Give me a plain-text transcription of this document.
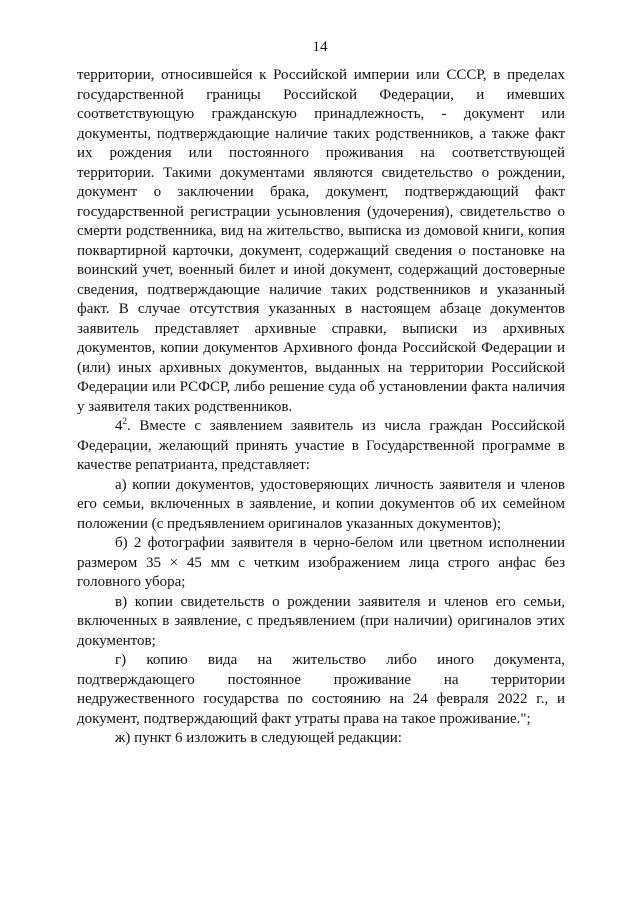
14

территории, относившейся к Российской империи или СССР, в пределах государственной границы Российской Федерации, и имевших соответствующую гражданскую принадлежность, - документ или документы, подтверждающие наличие таких родственников, а также факт их рождения или постоянного проживания на соответствующей территории. Такими документами являются свидетельство о рождении, документ о заключении брака, документ, подтверждающий факт государственной регистрации усыновления (удочерения), свидетельство о смерти родственника, вид на жительство, выписка из домовой книги, копия поквартирной карточки, документ, содержащий сведения о постановке на воинский учет, военный билет и иной документ, содержащий достоверные сведения, подтверждающие наличие таких родственников и указанный факт. В случае отсутствия указанных в настоящем абзаце документов заявитель представляет архивные справки, выписки из архивных документов, копии документов Архивного фонда Российской Федерации и (или) иных архивных документов, выданных на территории Российской Федерации или РСФСР, либо решение суда об установлении факта наличия у заявителя таких родственников.

$4^2$. Вместе с заявлением заявитель из числа граждан Российской Федерации, желающий принять участие в Государственной программе в качестве репатрианта, представляет:

а) копии документов, удостоверяющих личность заявителя и членов его семьи, включенных в заявление, и копии документов об их семейном положении (с предъявлением оригиналов указанных документов);

б) 2 фотографии заявителя в черно-белом или цветном исполнении размером 35 × 45 мм с четким изображением лица строго анфас без головного убора;

в) копии свидетельств о рождении заявителя и членов его семьи, включенных в заявление, с предъявлением (при наличии) оригиналов этих документов;

г) копию вида на жительство либо иного документа, подтверждающего постоянное проживание на территории недружественного государства по состоянию на 24 февраля 2022 г., и документ, подтверждающий факт утраты права на такое проживание.";

ж) пункт 6 изложить в следующей редакции:
